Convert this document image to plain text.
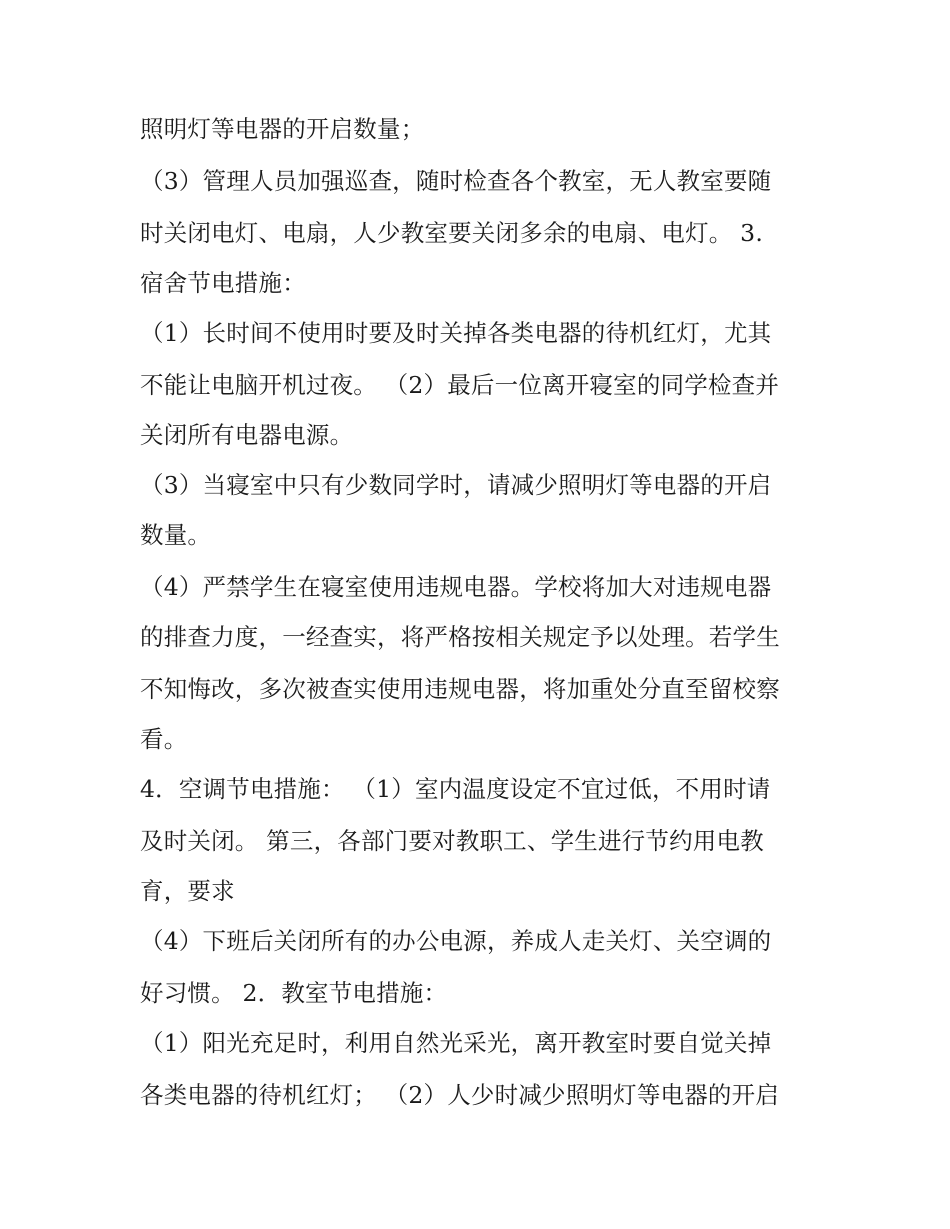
照明灯等电器的开启数量；
（3）管理人员加强巡查，随时检查各个教室，无人教室要随
时关闭电灯、电扇，人少教室要关闭多余的电扇、电灯。 3.
宿舍节电措施：
（1）长时间不使用时要及时关掉各类电器的待机红灯，尤其
不能让电脑开机过夜。 （2）最后一位离开寝室的同学检查并
关闭所有电器电源。
（3）当寝室中只有少数同学时，请减少照明灯等电器的开启
数量。
（4）严禁学生在寝室使用违规电器。学校将加大对违规电器
的排查力度，一经查实，将严格按相关规定予以处理。若学生
不知悔改，多次被查实使用违规电器，将加重处分直至留校察
看。
4．空调节电措施： （1）室内温度设定不宜过低，不用时请
及时关闭。 第三，各部门要对教职工、学生进行节约用电教
育，要求
（4）下班后关闭所有的办公电源，养成人走关灯、关空调的
好习惯。 2．教室节电措施：
（1）阳光充足时，利用自然光采光，离开教室时要自觉关掉
各类电器的待机红灯； （2）人少时减少照明灯等电器的开启
